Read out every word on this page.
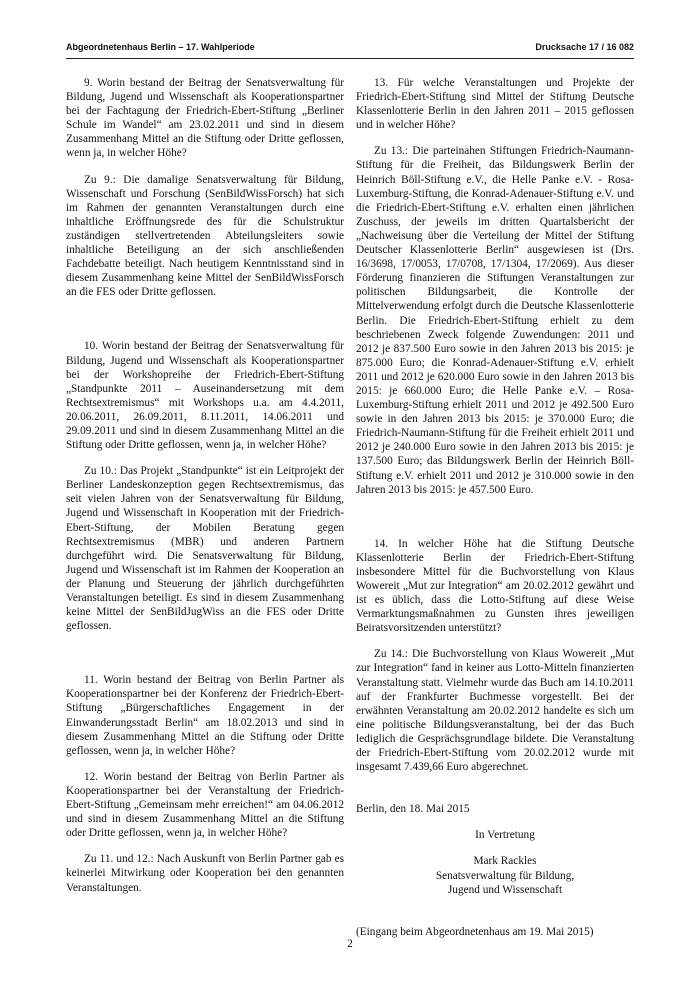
Abgeordnetenhaus Berlin – 17. Wahlperiode	Drucksache 17 / 16 082

9. Worin bestand der Beitrag der Senatsverwaltung für Bildung, Jugend und Wissenschaft als Kooperationspartner bei der Fachtagung der Friedrich-Ebert-Stiftung „Berliner Schule im Wandel“ am 23.02.2011 und sind in diesem Zusammenhang Mittel an die Stiftung oder Dritte geflossen, wenn ja, in welcher Höhe?

Zu 9.: Die damalige Senatsverwaltung für Bildung, Wissenschaft und Forschung (SenBildWissForsch) hat sich im Rahmen der genannten Veranstaltungen durch eine inhaltliche Eröffnungsrede des für die Schulstruktur zuständigen stellvertretenden Abteilungsleiters sowie inhaltliche Beteiligung an der sich anschließenden Fachdebatte beteiligt. Nach heutigem Kenntnisstand sind in diesem Zusammenhang keine Mittel der SenBildWissForsch an die FES oder Dritte geflossen.

10. Worin bestand der Beitrag der Senatsverwaltung für Bildung, Jugend und Wissenschaft als Kooperationspartner bei der Workshopreihe der Friedrich-Ebert-Stiftung „Standpunkte 2011 – Auseinandersetzung mit dem Rechtsextremismus“ mit Workshops u.a. am 4.4.2011, 20.06.2011, 26.09.2011, 8.11.2011, 14.06.2011 und 29.09.2011 und sind in diesem Zusammenhang Mittel an die Stiftung oder Dritte geflossen, wenn ja, in welcher Höhe?

Zu 10.: Das Projekt „Standpunkte“ ist ein Leitprojekt der Berliner Landeskonzeption gegen Rechtsextremismus, das seit vielen Jahren von der Senatsverwaltung für Bildung, Jugend und Wissenschaft in Kooperation mit der Friedrich-Ebert-Stiftung, der Mobilen Beratung gegen Rechtsextremismus (MBR) und anderen Partnern durchgeführt wird. Die Senatsverwaltung für Bildung, Jugend und Wissenschaft ist im Rahmen der Kooperation an der Planung und Steuerung der jährlich durchgeführten Veranstaltungen beteiligt. Es sind in diesem Zusammenhang keine Mittel der SenBildJugWiss an die FES oder Dritte geflossen.

11. Worin bestand der Beitrag von Berlin Partner als Kooperationspartner bei der Konferenz der Friedrich-Ebert-Stiftung „Bürgerschaftliches Engagement in der Einwanderungsstadt Berlin“ am 18.02.2013 und sind in diesem Zusammenhang Mittel an die Stiftung oder Dritte geflossen, wenn ja, in welcher Höhe?

12. Worin bestand der Beitrag von Berlin Partner als Kooperationspartner bei der Veranstaltung der Friedrich-Ebert-Stiftung „Gemeinsam mehr erreichen!“ am 04.06.2012 und sind in diesem Zusammenhang Mittel an die Stiftung oder Dritte geflossen, wenn ja, in welcher Höhe?

Zu 11. und 12.: Nach Auskunft von Berlin Partner gab es keinerlei Mitwirkung oder Kooperation bei den genannten Veranstaltungen.

13. Für welche Veranstaltungen und Projekte der Friedrich-Ebert-Stiftung sind Mittel der Stiftung Deutsche Klassenlotterie Berlin in den Jahren 2011 – 2015 geflossen und in welcher Höhe?

Zu 13.: Die parteinahen Stiftungen Friedrich-Naumann-Stiftung für die Freiheit, das Bildungswerk Berlin der Heinrich Böll-Stiftung e.V., die Helle Panke e.V. - Rosa-Luxemburg-Stiftung, die Konrad-Adenauer-Stiftung e.V. und die Friedrich-Ebert-Stiftung e.V. erhalten einen jährlichen Zuschuss, der jeweils im dritten Quartalsbericht der „Nachweisung über die Verteilung der Mittel der Stiftung Deutscher Klassenlotterie Berlin“ ausgewiesen ist (Drs. 16/3698, 17/0053, 17/0708, 17/1304, 17/2069). Aus dieser Förderung finanzieren die Stiftungen Veranstaltungen zur politischen Bildungsarbeit, die Kontrolle der Mittelverwendung erfolgt durch die Deutsche Klassenlotterie Berlin. Die Friedrich-Ebert-Stiftung erhielt zu dem beschriebenen Zweck folgende Zuwendungen: 2011 und 2012 je 837.500 Euro sowie in den Jahren 2013 bis 2015: je 875.000 Euro; die Konrad-Adenauer-Stiftung e.V. erhielt 2011 und 2012 je 620.000 Euro sowie in den Jahren 2013 bis 2015: je 660.000 Euro; die Helle Panke e.V. – Rosa-Luxemburg-Stiftung erhielt 2011 und 2012 je 492.500 Euro sowie in den Jahren 2013 bis 2015: je 370.000 Euro; die Friedrich-Naumann-Stiftung für die Freiheit erhielt 2011 und 2012 je 240.000 Euro sowie in den Jahren 2013 bis 2015: je 137.500 Euro; das Bildungswerk Berlin der Heinrich Böll-Stiftung e.V. erhielt 2011 und 2012 je 310.000 sowie in den Jahren 2013 bis 2015: je 457.500 Euro.

14. In welcher Höhe hat die Stiftung Deutsche Klassenlotterie Berlin der Friedrich-Ebert-Stiftung insbesondere Mittel für die Buchvorstellung von Klaus Wowereit „Mut zur Integration“ am 20.02.2012 gewährt und ist es üblich, dass die Lotto-Stiftung auf diese Weise Vermarktungsmaßnahmen zu Gunsten ihres jeweiligen Beiratsvorsitzenden unterstützt?

Zu 14.: Die Buchvorstellung von Klaus Wowereit „Mut zur Integration“ fand in keiner aus Lotto-Mitteln finanzierten Veranstaltung statt. Vielmehr wurde das Buch am 14.10.2011 auf der Frankfurter Buchmesse vorgestellt. Bei der erwähnten Veranstaltung am 20.02.2012 handelte es sich um eine politische Bildungsveranstaltung, bei der das Buch lediglich die Gesprächsgrundlage bildete. Die Veranstaltung der Friedrich-Ebert-Stiftung vom 20.02.2012 wurde mit insgesamt 7.439,66 Euro abgerechnet.

Berlin, den 18. Mai 2015

In Vertretung

Mark Rackles

Senatsverwaltung für Bildung,

Jugend und Wissenschaft

(Eingang beim Abgeordnetenhaus am 19. Mai 2015)

2
